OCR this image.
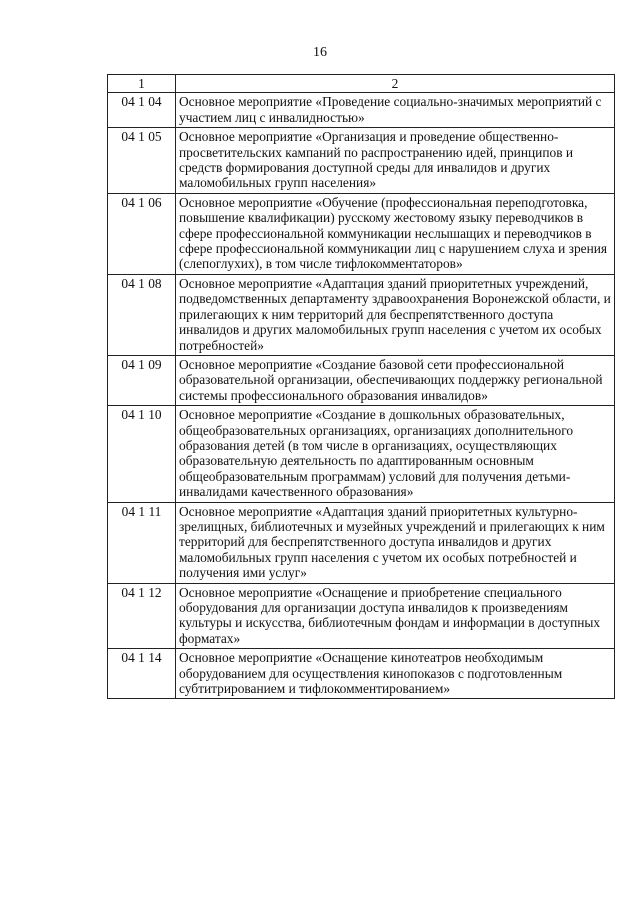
16
1	2
04 1 04	Основное мероприятие «Проведение социально-значимых мероприятий с участием лиц с инвалидностью»
04 1 05	Основное мероприятие «Организация и проведение общественно-просветительских кампаний по распространению идей, принципов и средств формирования доступной среды для инвалидов и других маломобильных групп населения»
04 1 06	Основное мероприятие «Обучение (профессиональная переподготовка, повышение квалификации) русскому жестовому языку переводчиков в сфере профессиональной коммуникации неслышащих и переводчиков в сфере профессиональной коммуникации лиц с нарушением слуха и зрения (слепоглухих), в том числе тифлокомментаторов»
04 1 08	Основное мероприятие «Адаптация зданий приоритетных учреждений, подведомственных департаменту здравоохранения Воронежской области, и прилегающих к ним территорий для беспрепятственного доступа инвалидов и других маломобильных групп населения с учетом их особых потребностей»
04 1 09	Основное мероприятие «Создание базовой сети профессиональной образовательной организации, обеспечивающих поддержку региональной системы профессионального образования инвалидов»
04 1 10	Основное мероприятие «Создание в дошкольных образовательных, общеобразовательных организациях, организациях дополнительного образования детей (в том числе в организациях, осуществляющих образовательную деятельность по адаптированным основным общеобразовательным программам) условий для получения детьми-инвалидами качественного образования»
04 1 11	Основное мероприятие «Адаптация зданий приоритетных культурно-зрелищных, библиотечных и музейных учреждений и прилегающих к ним территорий для беспрепятственного доступа инвалидов и других маломобильных групп населения с учетом их особых потребностей и получения ими услуг»
04 1 12	Основное мероприятие «Оснащение и приобретение специального оборудования для организации доступа инвалидов к произведениям культуры и искусства, библиотечным фондам и информации в доступных форматах»
04 1 14	Основное мероприятие «Оснащение кинотеатров необходимым оборудованием для осуществления кинопоказов с подготовленным субтитрированием и тифлокомментированием»
